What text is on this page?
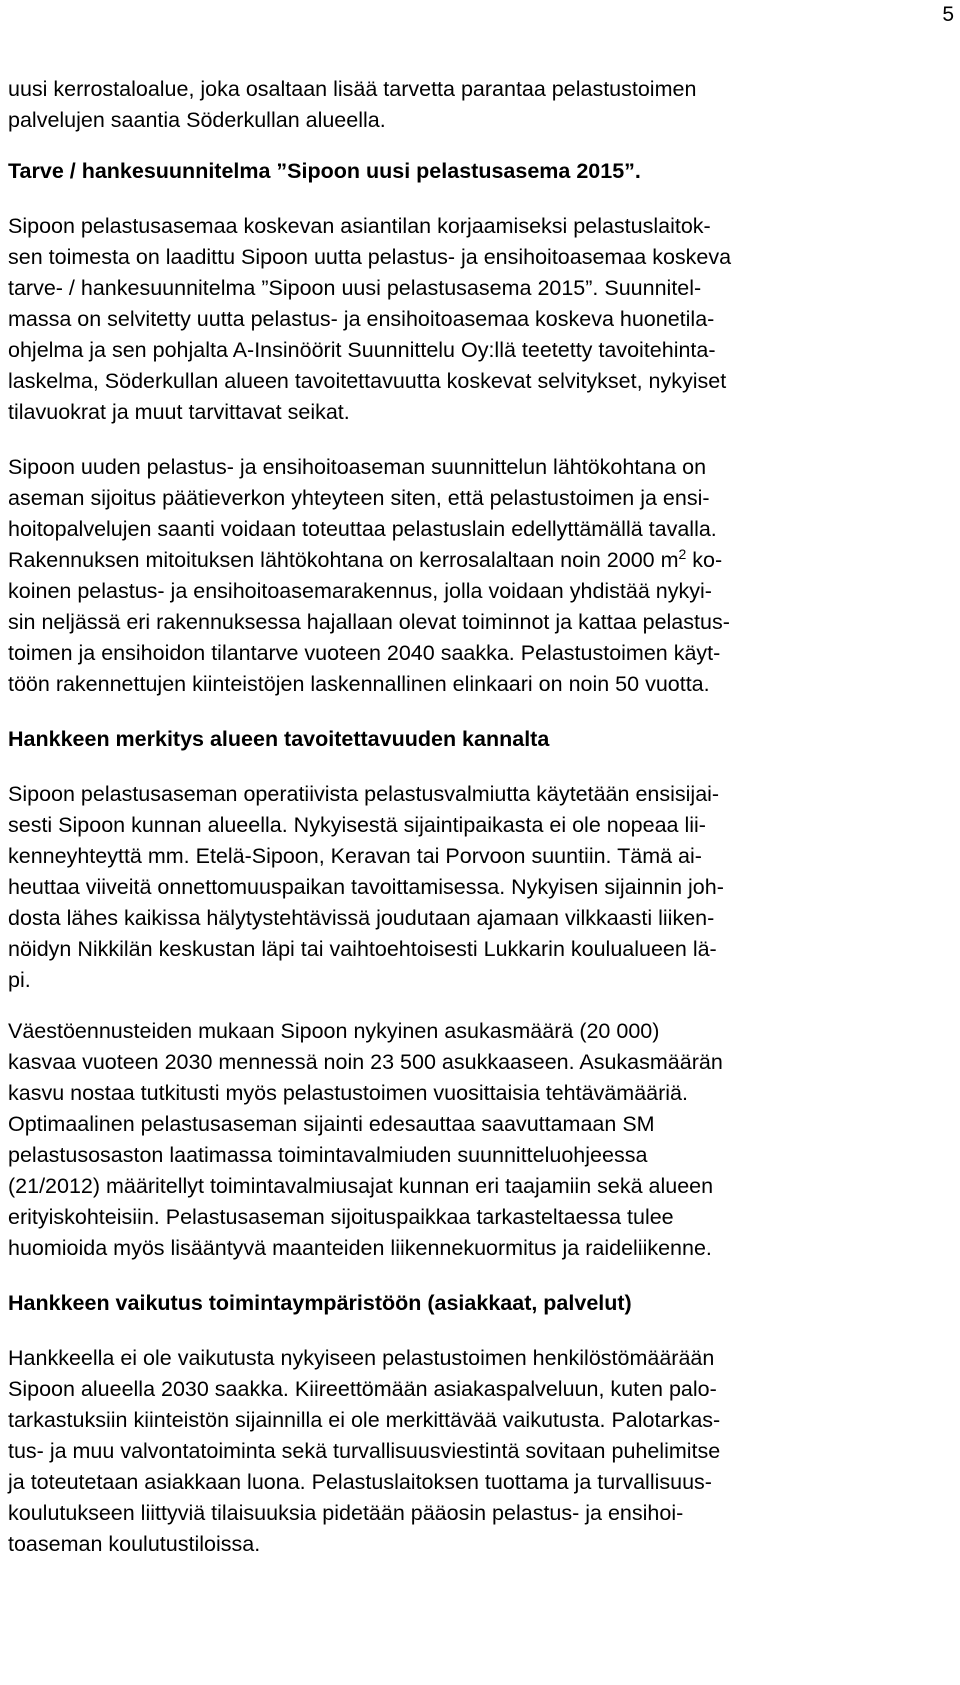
5
uusi kerrostaloalue, joka osaltaan lisää tarvetta parantaa pelastustoimen
palvelujen saantia Söderkullan alueella.
Tarve / hankesuunnitelma ”Sipoon uusi pelastusasema 2015”.
Sipoon pelastusasemaa koskevan asiantilan korjaamiseksi pelastuslaitok-
sen toimesta on laadittu Sipoon uutta pelastus- ja ensihoitoasemaa koskeva
tarve- / hankesuunnitelma ”Sipoon uusi pelastusasema 2015”. Suunnitel-
massa on selvitetty uutta pelastus- ja ensihoitoasemaa koskeva huonetila-
ohjelma ja sen pohjalta A-Insinöörit Suunnittelu Oy:llä teetetty tavoitehinta-
laskelma, Söderkullan alueen tavoitettavuutta koskevat selvitykset, nykyiset
tilavuokrat ja muut tarvittavat seikat.
Sipoon uuden pelastus- ja ensihoitoaseman suunnittelun lähtökohtana on
aseman sijoitus päätieverkon yhteyteen siten, että pelastustoimen ja ensi-
hoitopalvelujen saanti voidaan toteuttaa pelastuslain edellyttämällä tavalla.
Rakennuksen mitoituksen lähtökohtana on kerrosalaltaan noin 2000 $m^2$ ko-
koinen pelastus- ja ensihoitoasemarakennus, jolla voidaan yhdistää nykyi-
sin neljässä eri rakennuksessa hajallaan olevat toiminnot ja kattaa pelastus-
toimen ja ensihoidon tilantarve vuoteen 2040 saakka. Pelastustoimen käyt-
töön rakennettujen kiinteistöjen laskennallinen elinkaari on noin 50 vuotta.
Hankkeen merkitys alueen tavoitettavuuden kannalta
Sipoon pelastusaseman operatiivista pelastusvalmiutta käytetään ensisijai-
sesti Sipoon kunnan alueella. Nykyisestä sijaintipaikasta ei ole nopeaa lii-
kenneyhteyttä mm. Etelä-Sipoon, Keravan tai Porvoon suuntiin. Tämä ai-
heuttaa viiveitä onnettomuuspaikan tavoittamisessa. Nykyisen sijainnin joh-
dosta lähes kaikissa hälytystehtävissä joudutaan ajamaan vilkkaasti liiken-
nöidyn Nikkilän keskustan läpi tai vaihtoehtoisesti Lukkarin koulualueen lä-
pi.
Väestöennusteiden mukaan Sipoon nykyinen asukasmäärä (20 000)
kasvaa vuoteen 2030 mennessä noin 23 500 asukkaaseen. Asukasmäärän
kasvu nostaa tutkitusti myös pelastustoimen vuosittaisia tehtävämääriä.
Optimaalinen pelastusaseman sijainti edesauttaa saavuttamaan SM
pelastusosaston laatimassa toimintavalmiuden suunnitteluohjeessa
(21/2012) määritellyt toimintavalmiusajat kunnan eri taajamiin sekä alueen
erityiskohteisiin. Pelastusaseman sijoituspaikkaa tarkasteltaessa tulee
huomioida myös lisääntyvä maanteiden liikennekuormitus ja raideliikenne.
Hankkeen vaikutus toimintaympäristöön (asiakkaat, palvelut)
Hankkeella ei ole vaikutusta nykyiseen pelastustoimen henkilöstömäärään
Sipoon alueella 2030 saakka. Kiireettömään asiakaspalveluun, kuten palo-
tarkastuksiin kiinteistön sijainnilla ei ole merkittävää vaikutusta. Palotarkas-
tus- ja muu valvontatoiminta sekä turvallisuusviestintä sovitaan puhelimitse
ja toteutetaan asiakkaan luona. Pelastuslaitoksen tuottama ja turvallisuus-
koulutukseen liittyviä tilaisuuksia pidetään pääosin pelastus- ja ensihoi-
toaseman koulutustiloissa.
